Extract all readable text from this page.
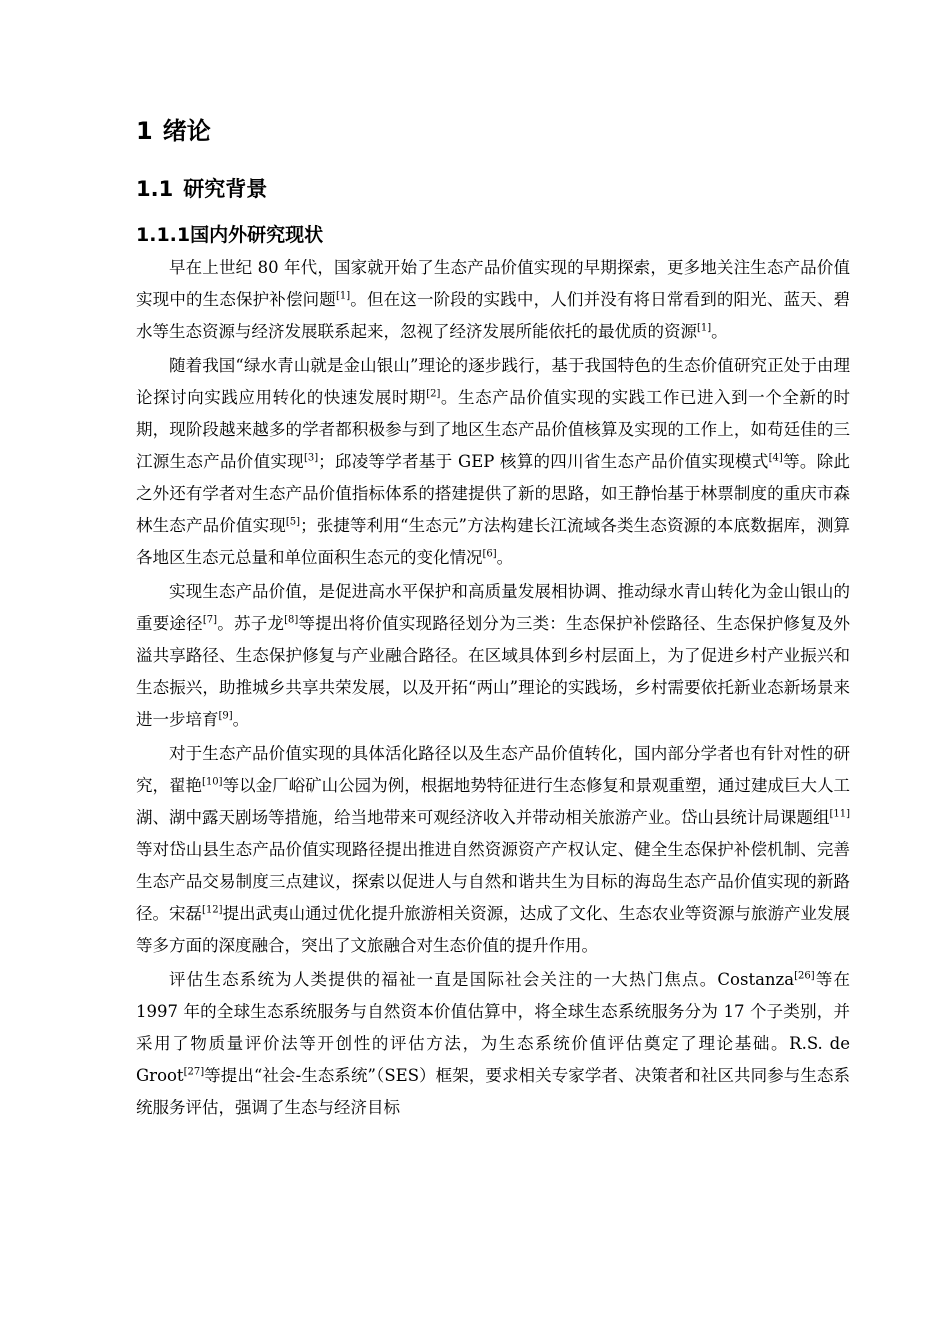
1 绪论
1.1 研究背景
1.1.1国内外研究现状

早在上世纪 80 年代，国家就开始了生态产品价值实现的早期探索，更多地关注生态产品价值实现中的生态保护补偿问题[1]。但在这一阶段的实践中，人们并没有将日常看到的阳光、蓝天、碧水等生态资源与经济发展联系起来，忽视了经济发展所能依托的最优质的资源[1]。

随着我国“绿水青山就是金山银山”理论的逐步践行，基于我国特色的生态价值研究正处于由理论探讨向实践应用转化的快速发展时期[2]。生态产品价值实现的实践工作已进入到一个全新的时期，现阶段越来越多的学者都积极参与到了地区生态产品价值核算及实现的工作上，如苟廷佳的三江源生态产品价值实现[3]；邱凌等学者基于 GEP 核算的四川省生态产品价值实现模式[4]等。除此之外还有学者对生态产品价值指标体系的搭建提供了新的思路，如王静怡基于林票制度的重庆市森林生态产品价值实现[5]；张捷等利用“生态元”方法构建长江流域各类生态资源的本底数据库，测算各地区生态元总量和单位面积生态元的变化情况[6]。

实现生态产品价值，是促进高水平保护和高质量发展相协调、推动绿水青山转化为金山银山的重要途径[7]。苏子龙[8]等提出将价值实现路径划分为三类：生态保护补偿路径、生态保护修复及外溢共享路径、生态保护修复与产业融合路径。在区域具体到乡村层面上，为了促进乡村产业振兴和生态振兴，助推城乡共享共荣发展，以及开拓“两山”理论的实践场，乡村需要依托新业态新场景来进一步培育[9]。

对于生态产品价值实现的具体活化路径以及生态产品价值转化，国内部分学者也有针对性的研究，翟艳[10]等以金厂峪矿山公园为例，根据地势特征进行生态修复和景观重塑，通过建成巨大人工湖、湖中露天剧场等措施，给当地带来可观经济收入并带动相关旅游产业。岱山县统计局课题组[11]等对岱山县生态产品价值实现路径提出推进自然资源资产产权认定、健全生态保护补偿机制、完善生态产品交易制度三点建议，探索以促进人与自然和谐共生为目标的海岛生态产品价值实现的新路径。宋磊[12]提出武夷山通过优化提升旅游相关资源，达成了文化、生态农业等资源与旅游产业发展等多方面的深度融合，突出了文旅融合对生态价值的提升作用。

评估生态系统为人类提供的福祉一直是国际社会关注的一大热门焦点。Costanza[26]等在 1997 年的全球生态系统服务与自然资本价值估算中，将全球生态系统服务分为 17 个子类别，并采用了物质量评价法等开创性的评估方法，为生态系统价值评估奠定了理论基础。R.S. de Groot[27]等提出“社会-生态系统”（SES）框架，要求相关专家学者、决策者和社区共同参与生态系统服务评估，强调了生态与经济目标
